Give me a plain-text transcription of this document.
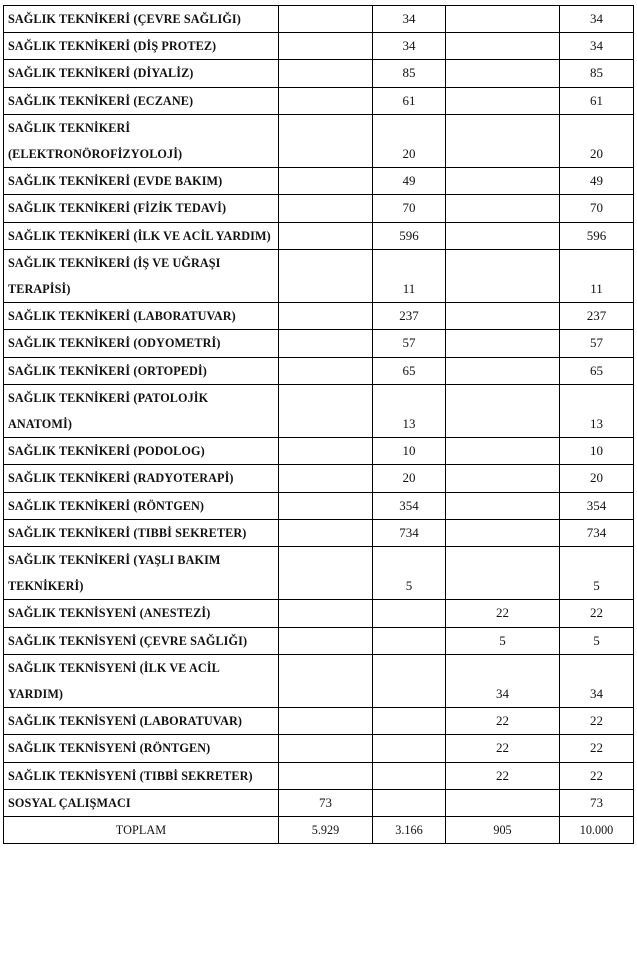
SAĞLIK TEKNİKERİ (ÇEVRE SAĞLIĞI)		34		34
SAĞLIK TEKNİKERİ (DİŞ PROTEZ)		34		34
SAĞLIK TEKNİKERİ (DİYALİZ)		85		85
SAĞLIK TEKNİKERİ (ECZANE)		61		61
SAĞLIK TEKNİKERİ (ELEKTRONÖROFİZYOLOJİ)		20		20
SAĞLIK TEKNİKERİ (EVDE BAKIM)		49		49
SAĞLIK TEKNİKERİ (FİZİK TEDAVİ)		70		70
SAĞLIK TEKNİKERİ (İLK VE ACİL YARDIM)		596		596
SAĞLIK TEKNİKERİ (İŞ VE UĞRAŞI TERAPİSİ)		11		11
SAĞLIK TEKNİKERİ (LABORATUVAR)		237		237
SAĞLIK TEKNİKERİ (ODYOMETRİ)		57		57
SAĞLIK TEKNİKERİ (ORTOPEDİ)		65		65
SAĞLIK TEKNİKERİ (PATOLOJİK ANATOMİ)		13		13
SAĞLIK TEKNİKERİ (PODOLOG)		10		10
SAĞLIK TEKNİKERİ (RADYOTERAPİ)		20		20
SAĞLIK TEKNİKERİ (RÖNTGEN)		354		354
SAĞLIK TEKNİKERİ (TIBBİ SEKRETER)		734		734
SAĞLIK TEKNİKERİ (YAŞLI BAKIM TEKNİKERİ)		5		5
SAĞLIK TEKNİSYENİ (ANESTEZİ)			22	22
SAĞLIK TEKNİSYENİ (ÇEVRE SAĞLIĞI)			5	5
SAĞLIK TEKNİSYENİ (İLK VE ACİL YARDIM)			34	34
SAĞLIK TEKNİSYENİ (LABORATUVAR)			22	22
SAĞLIK TEKNİSYENİ (RÖNTGEN)			22	22
SAĞLIK TEKNİSYENİ (TIBBİ SEKRETER)			22	22
SOSYAL ÇALIŞMACI	73			73
TOPLAM	5.929	3.166	905	10.000
